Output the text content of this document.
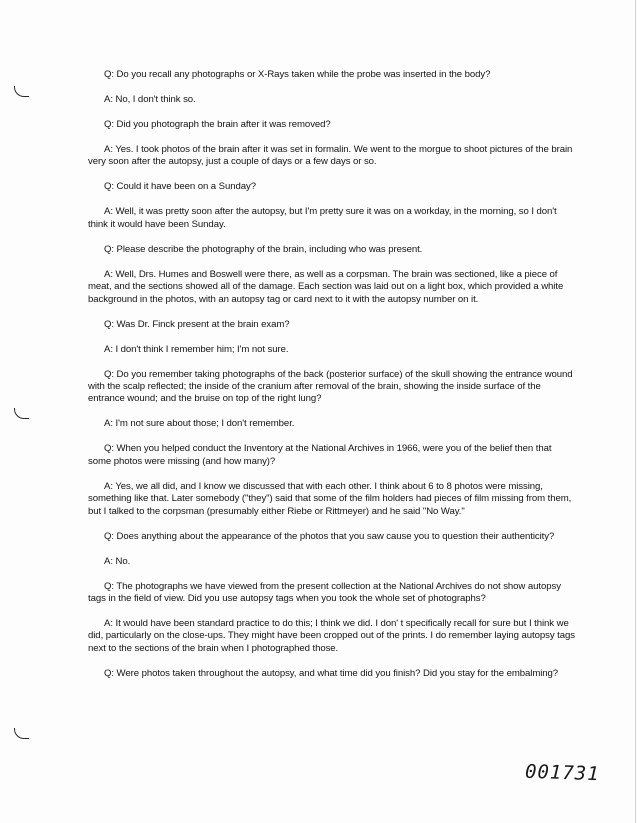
Q: Do you recall any photographs or X-Rays taken while the probe was inserted in the body?

A: No, I don't think so.

Q: Did you photograph the brain after it was removed?

A: Yes. I took photos of the brain after it was set in formalin. We went to the morgue to shoot pictures of the brain very soon after the autopsy, just a couple of days or a few days or so.

Q: Could it have been on a Sunday?

A: Well, it was pretty soon after the autopsy, but I'm pretty sure it was on a workday, in the morning, so I don't think it would have been Sunday.

Q: Please describe the photography of the brain, including who was present.

A: Well, Drs. Humes and Boswell were there, as well as a corpsman. The brain was sectioned, like a piece of meat, and the sections showed all of the damage. Each section was laid out on a light box, which provided a white background in the photos, with an autopsy tag or card next to it with the autopsy number on it.

Q: Was Dr. Finck present at the brain exam?

A: I don't think I remember him; I'm not sure.

Q: Do you remember taking photographs of the back (posterior surface) of the skull showing the entrance wound with the scalp reflected; the inside of the cranium after removal of the brain, showing the inside surface of the entrance wound; and the bruise on top of the right lung?

A: I'm not sure about those; I don't remember.

Q: When you helped conduct the Inventory at the National Archives in 1966, were you of the belief then that some photos were missing (and how many)?

A: Yes, we all did, and I know we discussed that with each other. I think about 6 to 8 photos were missing, something like that. Later somebody ("they") said that some of the film holders had pieces of film missing from them, but I talked to the corpsman (presumably either Riebe or Rittmeyer) and he said "No Way."

Q: Does anything about the appearance of the photos that you saw cause you to question their authenticity?

A: No.

Q: The photographs we have viewed from the present collection at the National Archives do not show autopsy tags in the field of view. Did you use autopsy tags when you took the whole set of photographs?

A: It would have been standard practice to do this; I think we did. I don' t specifically recall for sure but I think we did, particularly on the close-ups. They might have been cropped out of the prints. I do remember laying autopsy tags next to the sections of the brain when I photographed those.

Q: Were photos taken throughout the autopsy, and what time did you finish? Did you stay for the embalming?

001731
